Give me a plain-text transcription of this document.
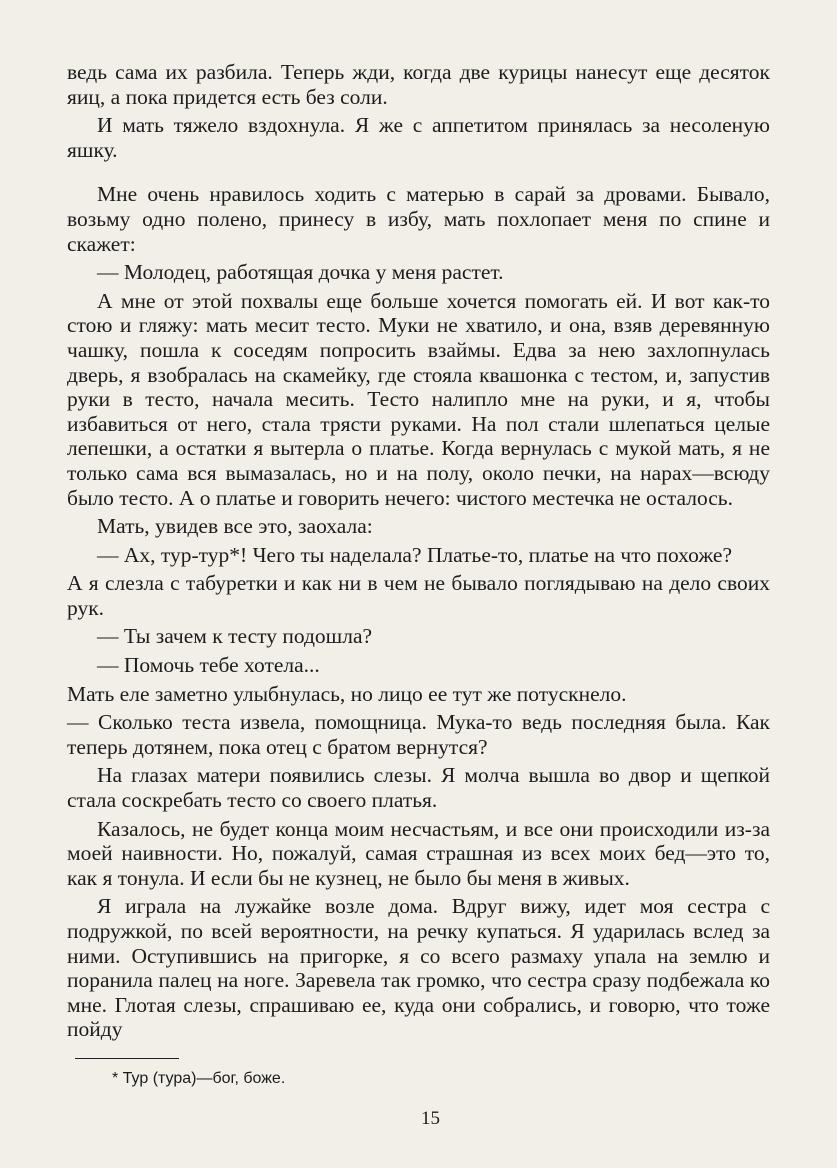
ведь сама их разбила. Теперь жди, когда две курицы нанесут еще десяток яиц, а пока придется есть без соли.

И мать тяжело вздохнула. Я же с аппетитом принялась за несоленую яшку.

Мне очень нравилось ходить с матерью в сарай за дровами. Бывало, возьму одно полено, принесу в избу, мать похлопает меня по спине и скажет:

— Молодец, работящая дочка у меня растет.

А мне от этой похвалы еще больше хочется помогать ей. И вот как-то стою и гляжу: мать месит тесто. Муки не хватило, и она, взяв деревянную чашку, пошла к соседям попросить взаймы. Едва за нею захлопнулась дверь, я взобралась на скамейку, где стояла квашонка с тестом, и, запустив руки в тесто, начала месить. Тесто налипло мне на руки, и я, чтобы избавиться от него, стала трясти руками. На пол стали шлепаться целые лепешки, а остатки я вытерла о платье. Когда вернулась с мукой мать, я не только сама вся вымазалась, но и на полу, около печки, на нарах—всюду было тесто. А о платье и говорить нечего: чистого местечка не осталось.

Мать, увидев все это, заохала:

— Ах, тур-тур*! Чего ты наделала? Платье-то, платье на что похоже?

А я слезла с табуретки и как ни в чем не бывало поглядываю на дело своих рук.

— Ты зачем к тесту подошла?

— Помочь тебе хотела...

Мать еле заметно улыбнулась, но лицо ее тут же потускнело.

— Сколько теста извела, помощница. Мука-то ведь последняя была. Как теперь дотянем, пока отец с братом вернутся?

На глазах матери появились слезы. Я молча вышла во двор и щепкой стала соскребать тесто со своего платья.

Казалось, не будет конца моим несчастьям, и все они происходили из-за моей наивности. Но, пожалуй, самая страшная из всех моих бед—это то, как я тонула. И если бы не кузнец, не было бы меня в живых.

Я играла на лужайке возле дома. Вдруг вижу, идет моя сестра с подружкой, по всей вероятности, на речку купаться. Я ударилась вслед за ними. Оступившись на пригорке, я со всего размаху упала на землю и поранила палец на ноге. Заревела так громко, что сестра сразу подбежала ко мне. Глотая слезы, спрашиваю ее, куда они собрались, и говорю, что тоже пойду

* Тур (тура)—бог, боже.
15
